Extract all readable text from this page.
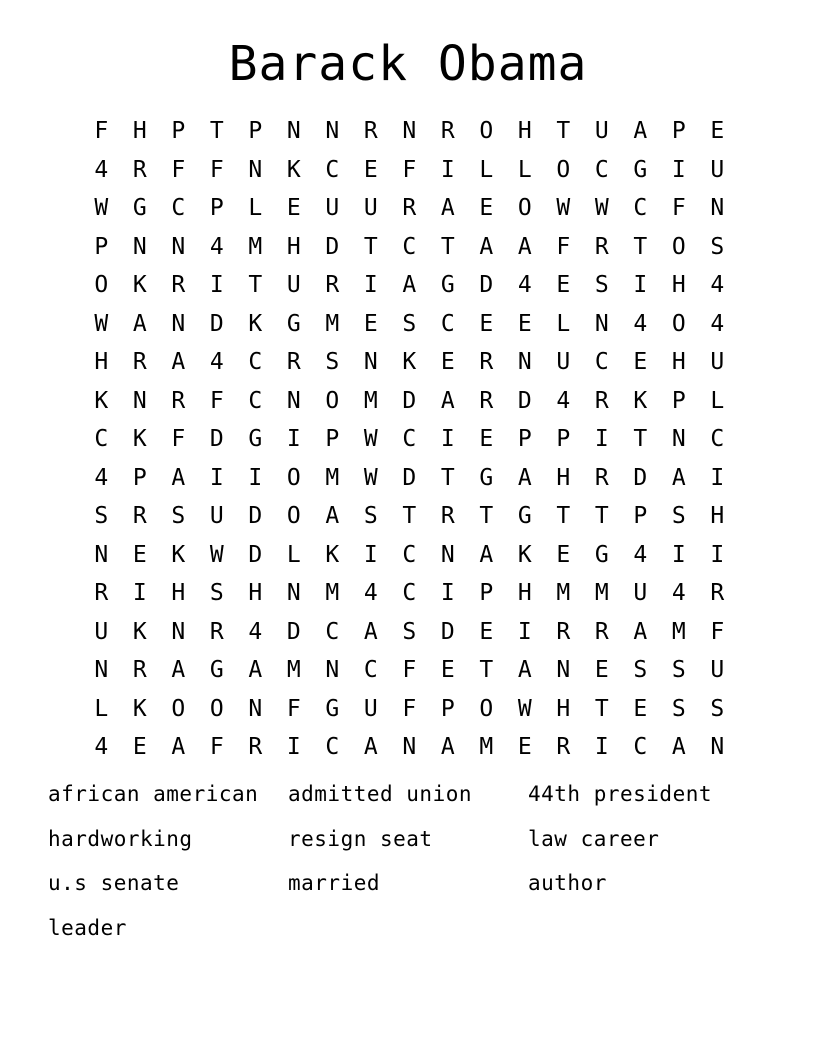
Barack Obama
F	H	P	T	P	N	N	R	N	R	O	H	T	U	A	P	E
4	R	F	F	N	K	C	E	F	I	L	L	O	C	G	I	U
W	G	C	P	L	E	U	U	R	A	E	O	W	W	C	F	N
P	N	N	4	M	H	D	T	C	T	A	A	F	R	T	O	S
O	K	R	I	T	U	R	I	A	G	D	4	E	S	I	H	4
W	A	N	D	K	G	M	E	S	C	E	E	L	N	4	O	4
H	R	A	4	C	R	S	N	K	E	R	N	U	C	E	H	U
K	N	R	F	C	N	O	M	D	A	R	D	4	R	K	P	L
C	K	F	D	G	I	P	W	C	I	E	P	P	I	T	N	C
4	P	A	I	I	O	M	W	D	T	G	A	H	R	D	A	I
S	R	S	U	D	O	A	S	T	R	T	G	T	T	P	S	H
N	E	K	W	D	L	K	I	C	N	A	K	E	G	4	I	I
R	I	H	S	H	N	M	4	C	I	P	H	M	M	U	4	R
U	K	N	R	4	D	C	A	S	D	E	I	R	R	A	M	F
N	R	A	G	A	M	N	C	F	E	T	A	N	E	S	S	U
L	K	O	O	N	F	G	U	F	P	O	W	H	T	E	S	S
4	E	A	F	R	I	C	A	N	A	M	E	R	I	C	A	N
african american	admitted union	44th president
hardworking	resign seat	law career
u.s senate	married	author
leader
